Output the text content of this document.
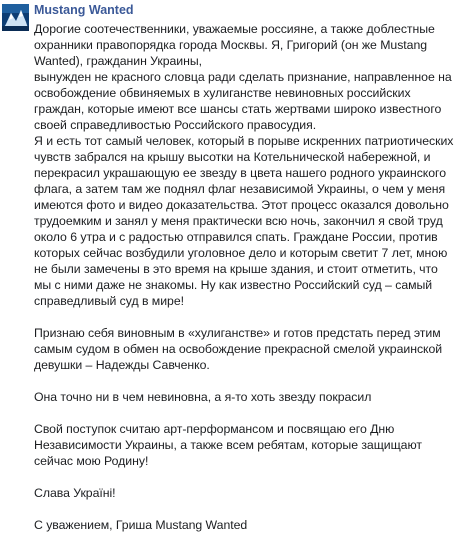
Mustang Wanted

Дорогие соотечественники, уважаемые россияне, а также доблестные охранники правопорядка города Москвы. Я, Григорий (он же Mustang Wanted), гражданин Украины,

вынужден не красного словца ради сделать признание, направленное на освобождение обвиняемых в хулиганстве невиновных российских граждан, которые имеют все шансы стать жертвами широко известного своей справедливостью Российского правосудия.

Я и есть тот самый человек, который в порыве искренних патриотических чувств забрался на крышу высотки на Котельнической набережной, и перекрасил украшающую ее звезду в цвета нашего родного украинского флага, а затем там же поднял флаг независимой Украины, о чем у меня имеются фото и видео доказательства. Этот процесс оказался довольно трудоемким и занял у меня практически всю ночь, закончил я свой труд около 6 утра и с радостью отправился спать. Граждане России, против которых сейчас возбудили уголовное дело и которым светит 7 лет, мною не были замечены в это время на крыше здания, и стоит отметить, что мы с ними даже не знакомы. Ну как известно Российский суд – самый справедливый суд в мире!

Признаю себя виновным в «хулиганстве» и готов предстать перед этим самым судом в обмен на освобождение прекрасной смелой украинской девушки – Надежды Савченко.

Она точно ни в чем невиновна, а я-то хоть звезду покрасил

Свой поступок считаю арт-перформансом и посвящаю его Дню Независимости Украины, а также всем ребятам, которые защищают сейчас мою Родину!

Слава Україні!

С уважением, Гриша Mustang Wanted
